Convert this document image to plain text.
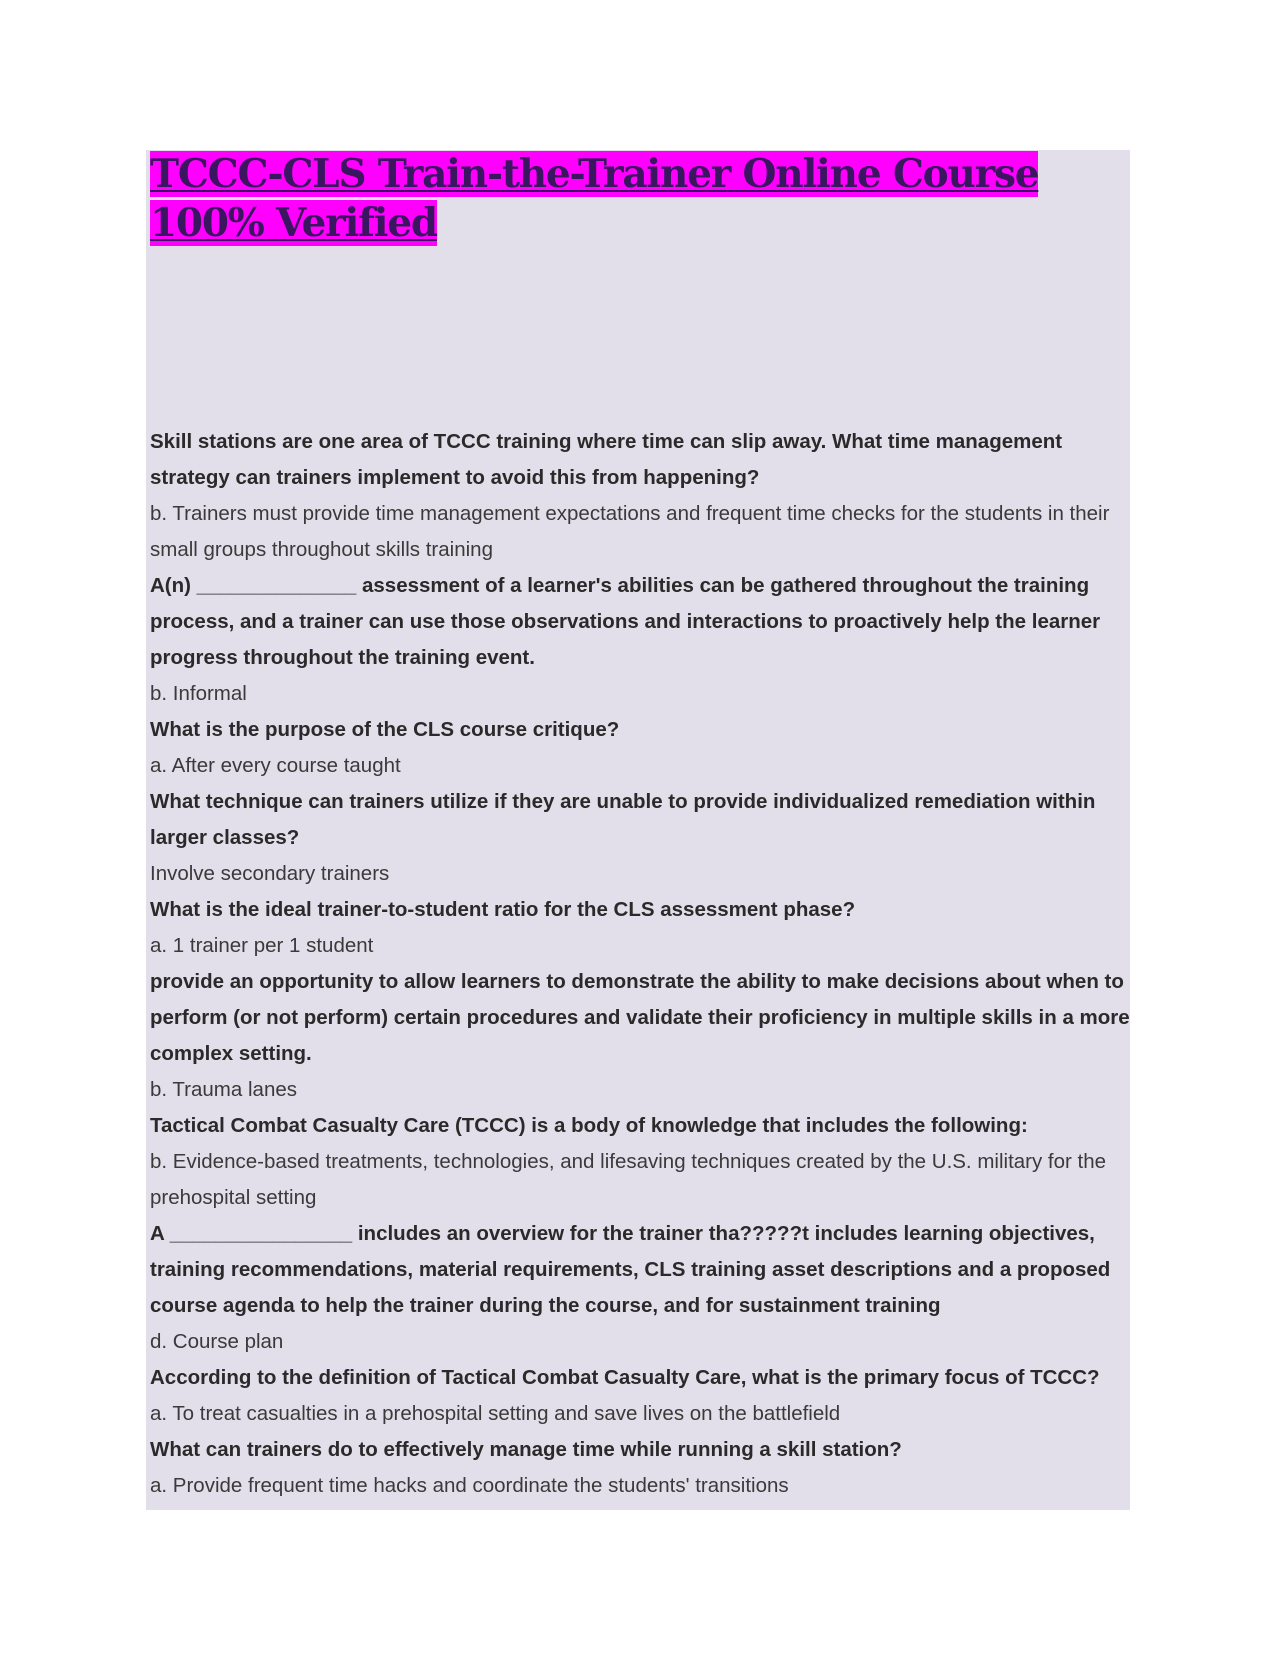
TCCC-CLS Train-the-Trainer Online Course 100% Verified

Skill stations are one area of TCCC training where time can slip away. What time management strategy can trainers implement to avoid this from happening?

b. Trainers must provide time management expectations and frequent time checks for the students in their small groups throughout skills training

A(n) ______________ assessment of a learner's abilities can be gathered throughout the training process, and a trainer can use those observations and interactions to proactively help the learner progress throughout the training event.

b. Informal

What is the purpose of the CLS course critique?

a. After every course taught

What technique can trainers utilize if they are unable to provide individualized remediation within larger classes?

Involve secondary trainers

What is the ideal trainer-to-student ratio for the CLS assessment phase?

a. 1 trainer per 1 student

provide an opportunity to allow learners to demonstrate the ability to make decisions about when to perform (or not perform) certain procedures and validate their proficiency in multiple skills in a more complex setting.

b. Trauma lanes

Tactical Combat Casualty Care (TCCC) is a body of knowledge that includes the following:

b. Evidence-based treatments, technologies, and lifesaving techniques created by the U.S. military for the prehospital setting

A ________________ includes an overview for the trainer tha?????t includes learning objectives, training recommendations, material requirements, CLS training asset descriptions and a proposed course agenda to help the trainer during the course, and for sustainment training

d. Course plan

According to the definition of Tactical Combat Casualty Care, what is the primary focus of TCCC?

a. To treat casualties in a prehospital setting and save lives on the battlefield

What can trainers do to effectively manage time while running a skill station?

a. Provide frequent time hacks and coordinate the students' transitions
